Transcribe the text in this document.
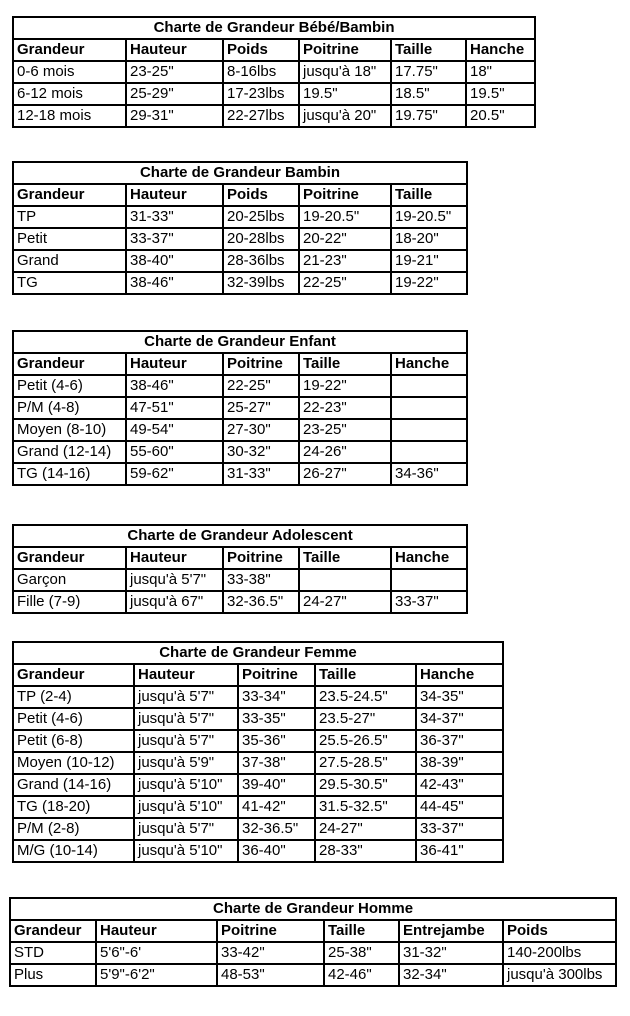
Charte de Grandeur Bébé/Bambin					
Grandeur	Hauteur	Poids	Poitrine	Taille	Hanche
0-6 mois	23-25"	8-16lbs	jusqu'à 18"	17.75"	18"
6-12 mois	25-29"	17-23lbs	19.5"	18.5"	19.5"
12-18 mois	29-31"	22-27lbs	jusqu'à 20"	19.75"	20.5"
Charte de Grandeur Bambin				
Grandeur	Hauteur	Poids	Poitrine	Taille
TP	31-33"	20-25lbs	19-20.5"	19-20.5"
Petit	33-37"	20-28lbs	20-22"	18-20"
Grand	38-40"	28-36lbs	21-23"	19-21"
TG	38-46"	32-39lbs	22-25"	19-22"
Charte de Grandeur Enfant				
Grandeur	Hauteur	Poitrine	Taille	Hanche
Petit (4-6)	38-46"	22-25"	19-22"	
P/M (4-8)	47-51"	25-27"	22-23"	
Moyen (8-10)	49-54"	27-30"	23-25"	
Grand (12-14)	55-60"	30-32"	24-26"	
TG (14-16)	59-62"	31-33"	26-27"	34-36"
Charte de Grandeur Adolescent				
Grandeur	Hauteur	Poitrine	Taille	Hanche
Garçon	jusqu'à 5'7"	33-38"		
Fille (7-9)	jusqu'à 67"	32-36.5"	24-27"	33-37"
Charte de Grandeur Femme				
Grandeur	Hauteur	Poitrine	Taille	Hanche
TP (2-4)	jusqu'à 5'7"	33-34"	23.5-24.5"	34-35"
Petit (4-6)	jusqu'à 5'7"	33-35"	23.5-27"	34-37"
Petit (6-8)	jusqu'à 5'7"	35-36"	25.5-26.5"	36-37"
Moyen (10-12)	jusqu'à 5'9"	37-38"	27.5-28.5"	38-39"
Grand (14-16)	jusqu'à 5'10"	39-40"	29.5-30.5"	42-43"
TG (18-20)	jusqu'à 5'10"	41-42"	31.5-32.5"	44-45"
P/M (2-8)	jusqu'à 5'7"	32-36.5"	24-27"	33-37"
M/G (10-14)	jusqu'à 5'10"	36-40"	28-33"	36-41"
Charte de Grandeur Homme					
Grandeur	Hauteur	Poitrine	Taille	Entrejambe	Poids
STD	5'6"-6'	33-42"	25-38"	31-32"	140-200lbs
Plus	5'9"-6'2"	48-53"	42-46"	32-34"	jusqu'à 300lbs
